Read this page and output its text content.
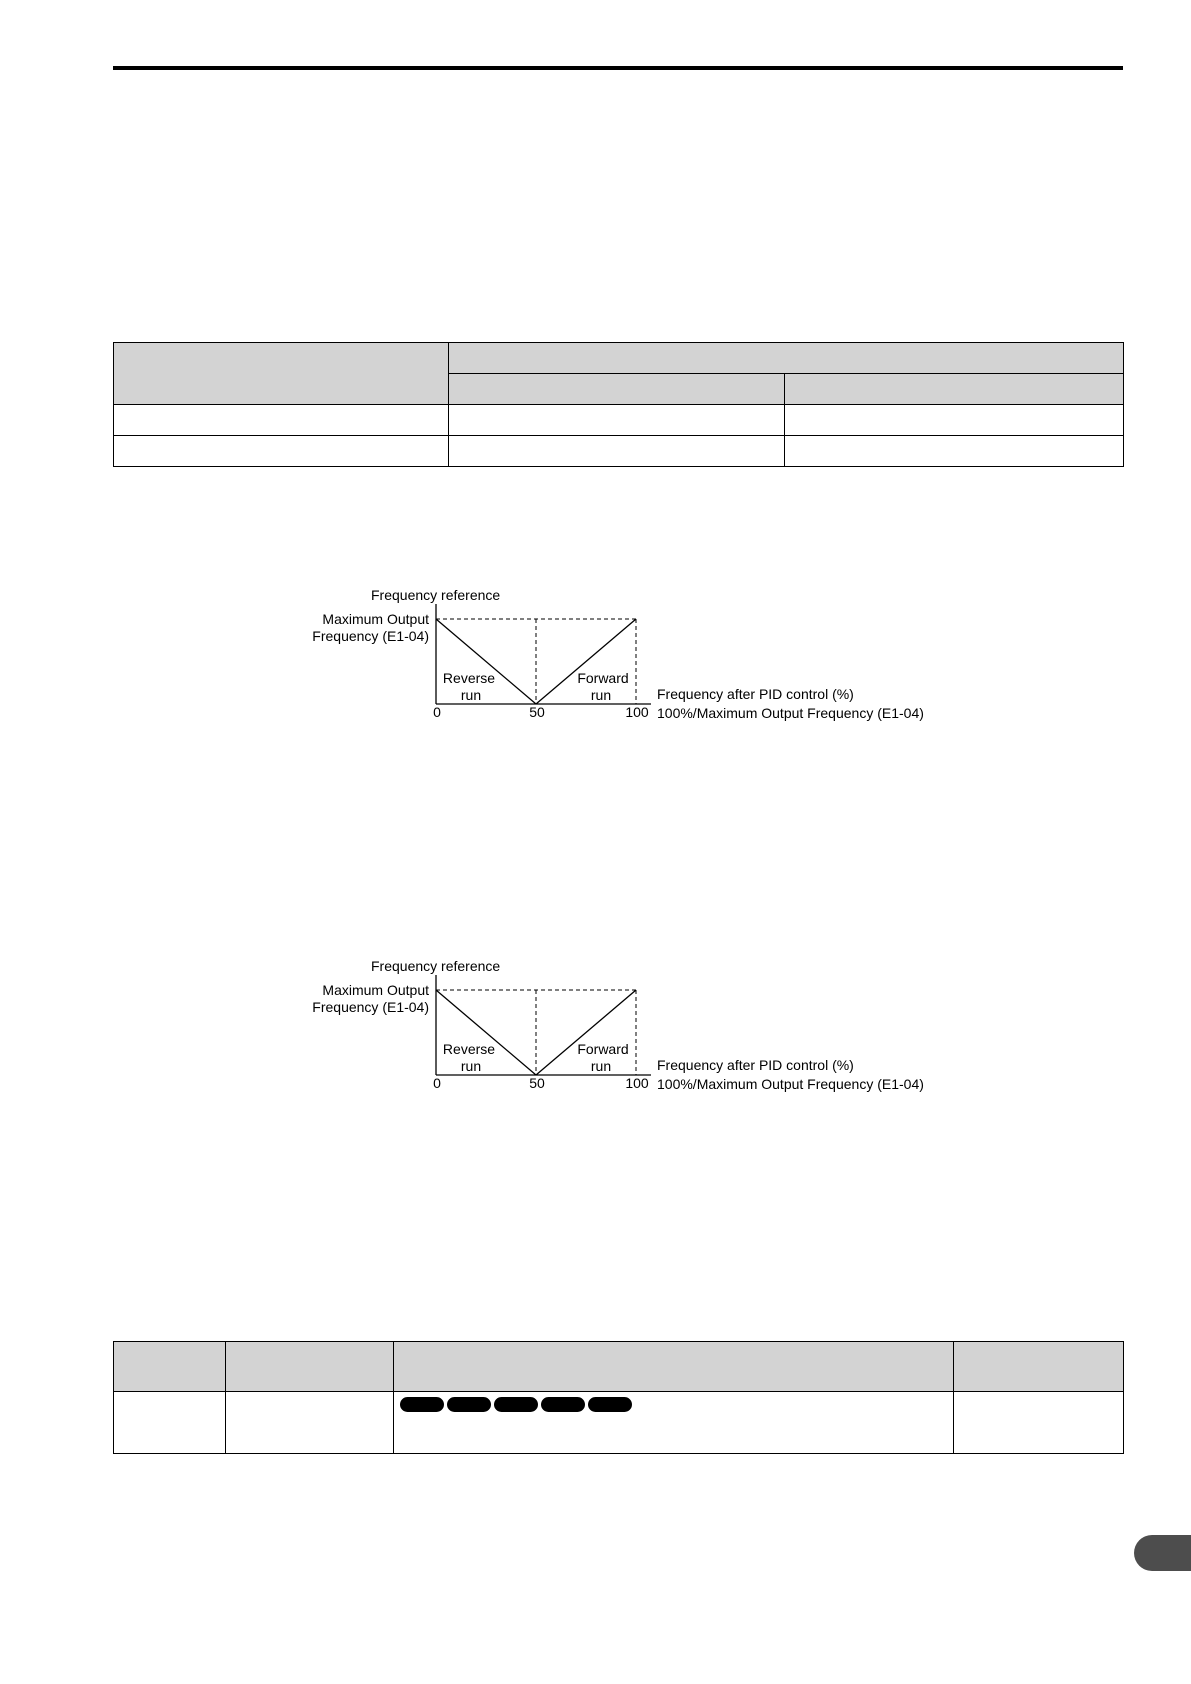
Frequency reference
Maximum Output
Frequency (E1-04)
Reverse
run
Forward
run
0	50	100
Frequency after PID control (%)
100%/Maximum Output Frequency (E1-04)
Frequency reference
Maximum Output
Frequency (E1-04)
Reverse
run
Forward
run
0	50	100
Frequency after PID control (%)
100%/Maximum Output Frequency (E1-04)
